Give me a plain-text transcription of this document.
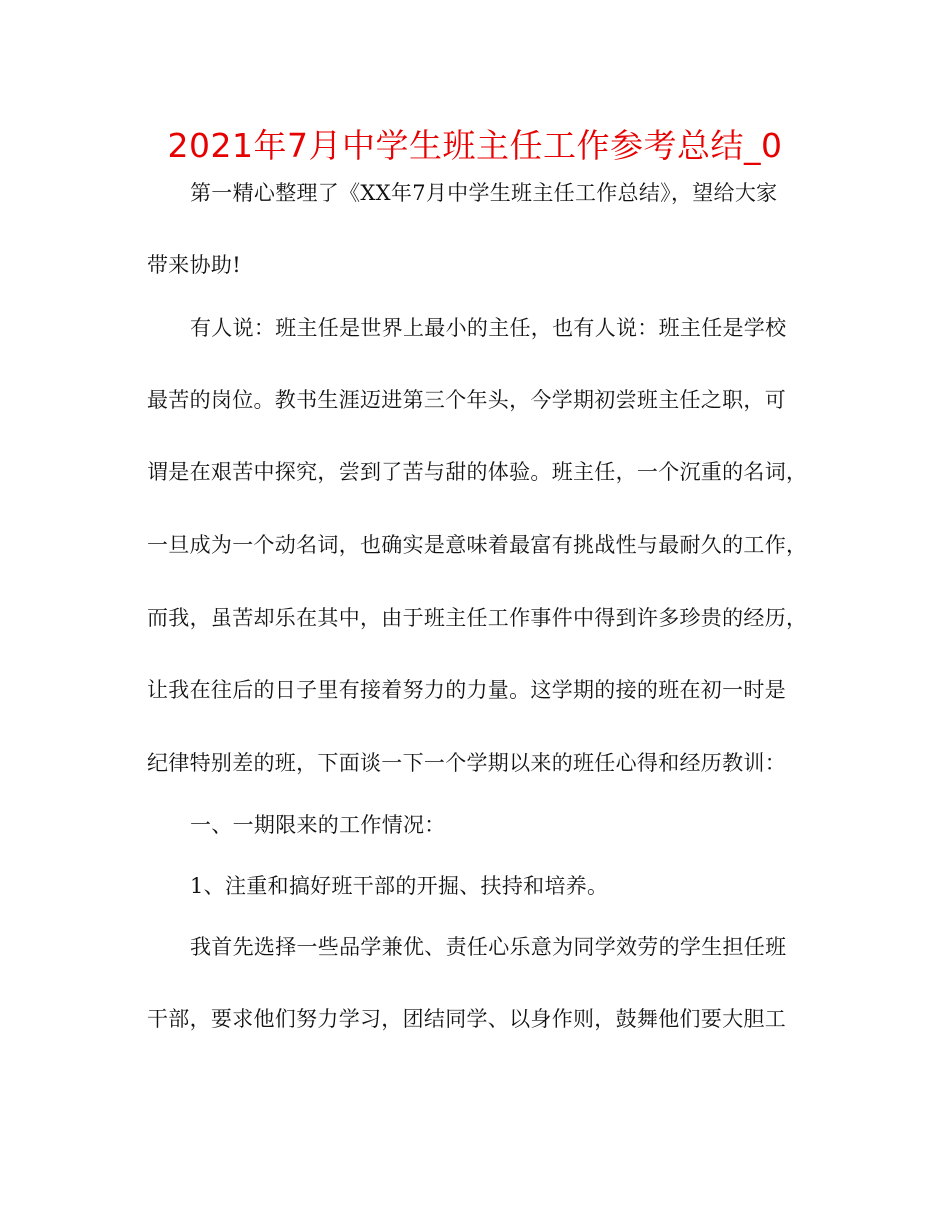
2021年7月中学生班主任工作参考总结_0
第一精心整理了《XX年7月中学生班主任工作总结》，望给大家
带来协助!
有人说：班主任是世界上最小的主任，也有人说：班主任是学校
最苦的岗位。教书生涯迈进第三个年头，今学期初尝班主任之职，可
谓是在艰苦中探究，尝到了苦与甜的体验。班主任，一个沉重的名词，
一旦成为一个动名词，也确实是意味着最富有挑战性与最耐久的工作，
而我，虽苦却乐在其中，由于班主任工作事件中得到许多珍贵的经历，
让我在往后的日子里有接着努力的力量。这学期的接的班在初一时是
纪律特别差的班，下面谈一下一个学期以来的班任心得和经历教训：
一、一期限来的工作情况：
1、注重和搞好班干部的开掘、扶持和培养。
我首先选择一些品学兼优、责任心乐意为同学效劳的学生担任班
干部，要求他们努力学习，团结同学、以身作则，鼓舞他们要大胆工
